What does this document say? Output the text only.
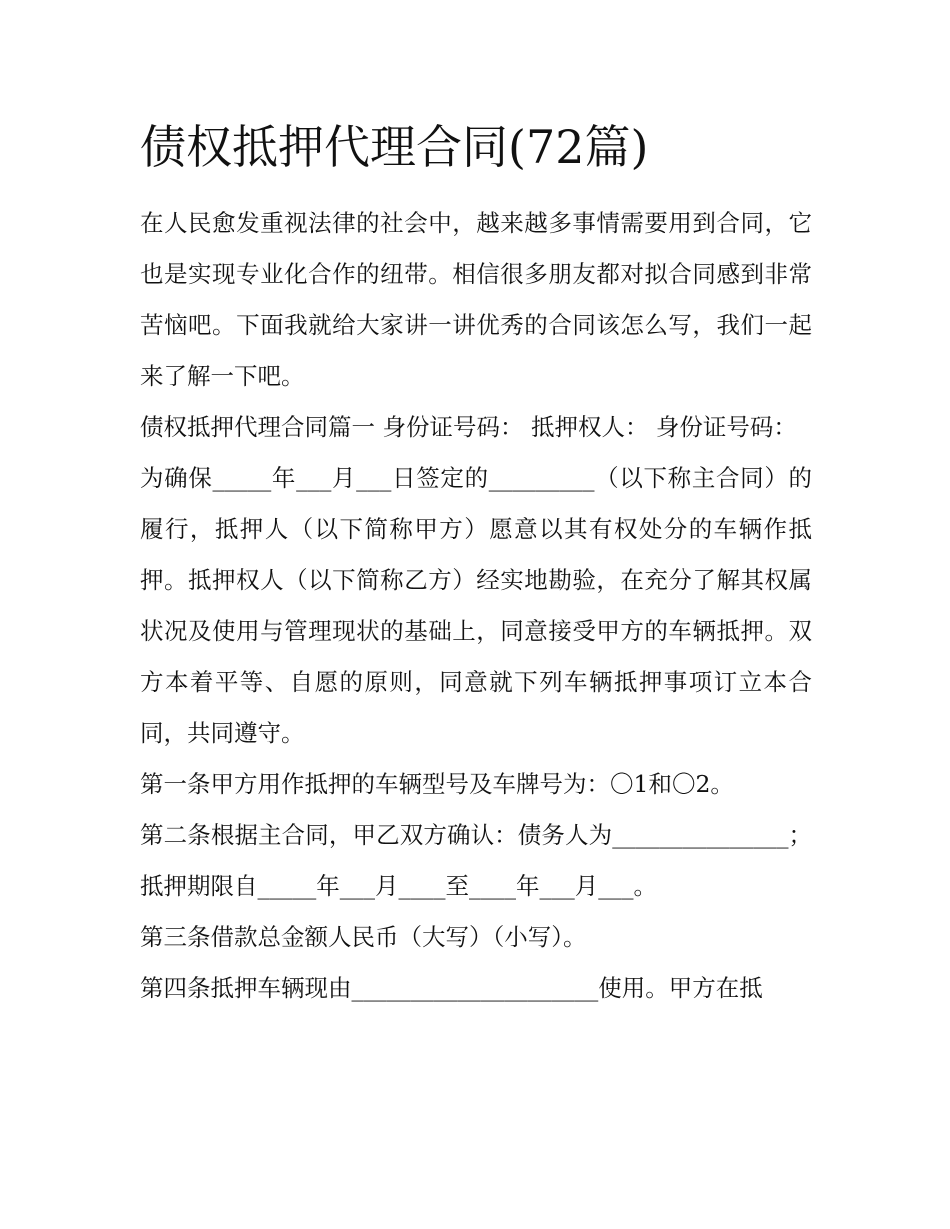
债权抵押代理合同(72篇)

在人民愈发重视法律的社会中，越来越多事情需要用到合同，它也是实现专业化合作的纽带。相信很多朋友都对拟合同感到非常苦恼吧。下面我就给大家讲一讲优秀的合同该怎么写，我们一起来了解一下吧。

债权抵押代理合同篇一 身份证号码： 抵押权人： 身份证号码：

为确保_____年___月___日签定的_________（以下称主合同）的履行，抵押人（以下简称甲方）愿意以其有权处分的车辆作抵押。抵押权人（以下简称乙方）经实地勘验，在充分了解其权属状况及使用与管理现状的基础上，同意接受甲方的车辆抵押。双方本着平等、自愿的原则，同意就下列车辆抵押事项订立本合同，共同遵守。

第一条甲方用作抵押的车辆型号及车牌号为：〇1和〇2。

第二条根据主合同，甲乙双方确认：债务人为_______________；抵押期限自_____年___月____至____年___月___。

第三条借款总金额人民币（大写）（小写）。

第四条抵押车辆现由_____________________使用。甲方在抵
